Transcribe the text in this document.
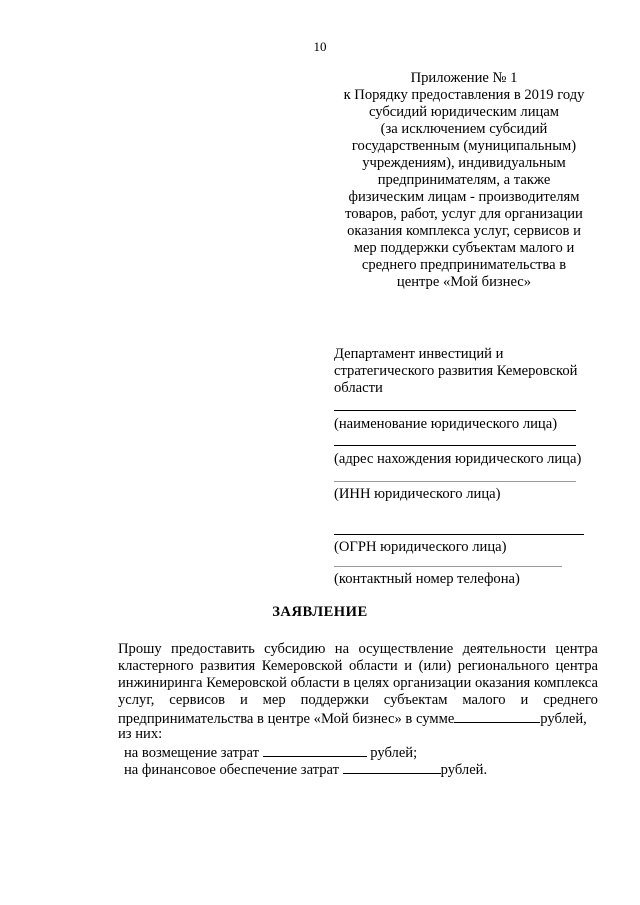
10
Приложение № 1
к Порядку предоставления в 2019 году
субсидий юридическим лицам
(за исключением субсидий
государственным (муниципальным)
учреждениям), индивидуальным
предпринимателям, а также
физическим лицам - производителям
товаров, работ, услуг для организации
оказания комплекса услуг, сервисов и
мер поддержки субъектам малого и
среднего предпринимательства в
центре «Мой бизнес»
Департамент инвестиций и
стратегического развития Кемеровской
области
(наименование юридического лица)
(адрес нахождения юридического лица)
(ИНН юридического лица)
(ОГРН юридического лица)
(контактный номер телефона)
ЗАЯВЛЕНИЕ
Прошу предоставить субсидию на осуществление деятельности центра
кластерного развития Кемеровской области и (или) регионального центра
инжиниринга Кемеровской области в целях организации оказания комплекса
услуг, сервисов и мер поддержки субъектам малого и среднего
предпринимательства в центре «Мой бизнес» в сумме	рублей,
из них:
на возмещение затрат	рублей;
на финансовое обеспечение затрат	рублей.
